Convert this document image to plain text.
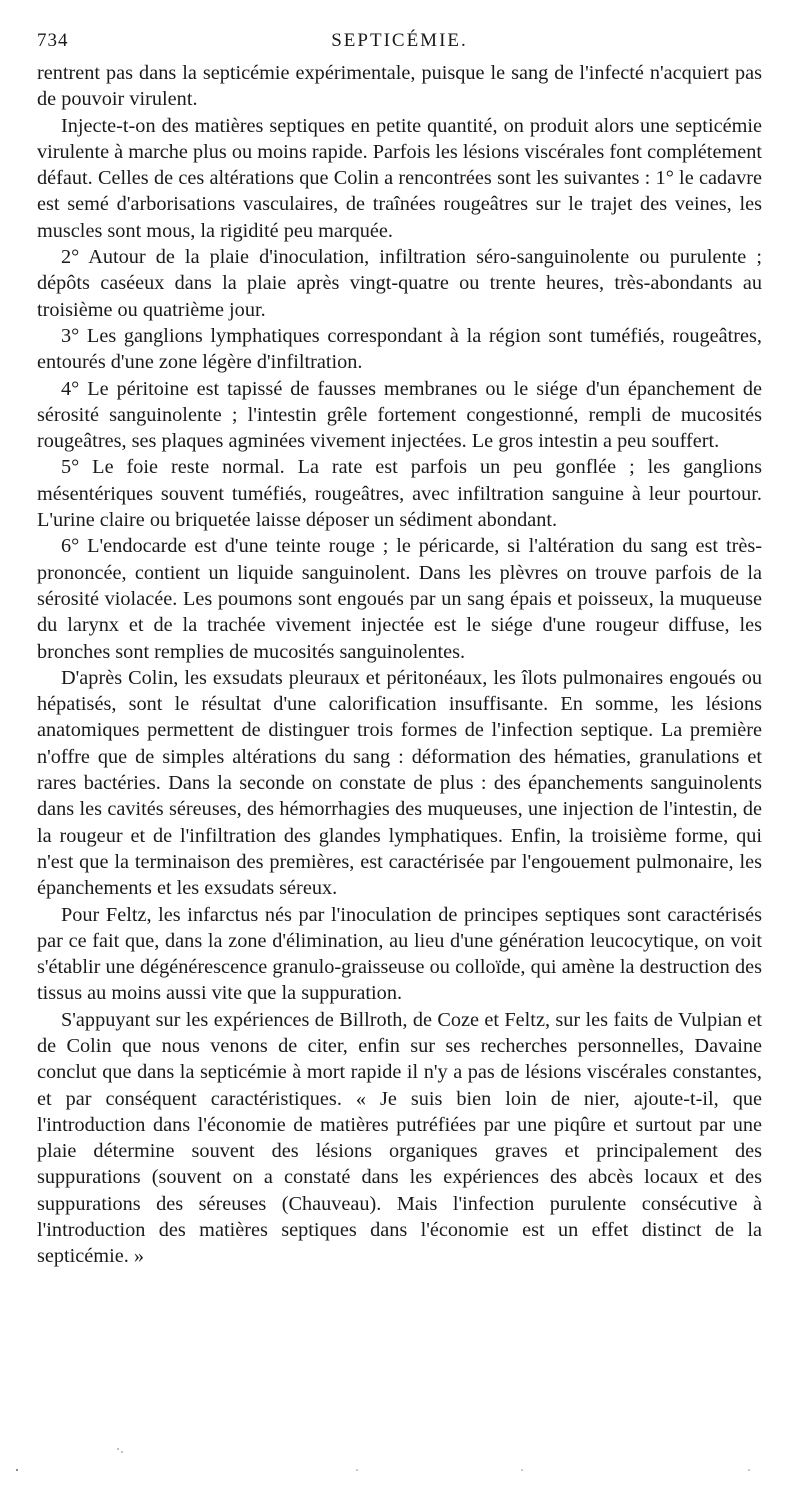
734	SEPTICÉMIE.

rentrent pas dans la septicémie expérimentale, puisque le sang de l'infecté n'acquiert pas de pouvoir virulent.

Injecte-t-on des matières septiques en petite quantité, on produit alors une septicémie virulente à marche plus ou moins rapide. Parfois les lésions viscérales font complétement défaut. Celles de ces altérations que Colin a rencontrées sont les suivantes : 1° le cadavre est semé d'arborisations vasculaires, de traînées rougeâtres sur le trajet des veines, les muscles sont mous, la rigidité peu marquée.

2° Autour de la plaie d'inoculation, infiltration séro-sanguinolente ou purulente ; dépôts caséeux dans la plaie après vingt-quatre ou trente heures, très-abondants au troisième ou quatrième jour.

3° Les ganglions lymphatiques correspondant à la région sont tuméfiés, rougeâtres, entourés d'une zone légère d'infiltration.

4° Le péritoine est tapissé de fausses membranes ou le siége d'un épanchement de sérosité sanguinolente ; l'intestin grêle fortement congestionné, rempli de mucosités rougeâtres, ses plaques agminées vivement injectées. Le gros intestin a peu souffert.

5° Le foie reste normal. La rate est parfois un peu gonflée ; les ganglions mésentériques souvent tuméfiés, rougeâtres, avec infiltration sanguine à leur pourtour. L'urine claire ou briquetée laisse déposer un sédiment abondant.

6° L'endocarde est d'une teinte rouge ; le péricarde, si l'altération du sang est très-prononcée, contient un liquide sanguinolent. Dans les plèvres on trouve parfois de la sérosité violacée. Les poumons sont engoués par un sang épais et poisseux, la muqueuse du larynx et de la trachée vivement injectée est le siége d'une rougeur diffuse, les bronches sont remplies de mucosités sanguinolentes.

D'après Colin, les exsudats pleuraux et péritonéaux, les îlots pulmonaires engoués ou hépatisés, sont le résultat d'une calorification insuffisante. En somme, les lésions anatomiques permettent de distinguer trois formes de l'infection septique. La première n'offre que de simples altérations du sang : déformation des hématies, granulations et rares bactéries. Dans la seconde on constate de plus : des épanchements sanguinolents dans les cavités séreuses, des hémorrhagies des muqueuses, une injection de l'intestin, de la rougeur et de l'infiltration des glandes lymphatiques. Enfin, la troisième forme, qui n'est que la terminaison des premières, est caractérisée par l'engouement pulmonaire, les épanchements et les exsudats séreux.

Pour Feltz, les infarctus nés par l'inoculation de principes septiques sont caractérisés par ce fait que, dans la zone d'élimination, au lieu d'une génération leucocytique, on voit s'établir une dégénérescence granulo-graisseuse ou colloïde, qui amène la destruction des tissus au moins aussi vite que la suppuration.

S'appuyant sur les expériences de Billroth, de Coze et Feltz, sur les faits de Vulpian et de Colin que nous venons de citer, enfin sur ses recherches personnelles, Davaine conclut que dans la septicémie à mort rapide il n'y a pas de lésions viscérales constantes, et par conséquent caractéristiques. « Je suis bien loin de nier, ajoute-t-il, que l'introduction dans l'économie de matières putréfiées par une piqûre et surtout par une plaie détermine souvent des lésions organiques graves et principalement des suppurations (souvent on a constaté dans les expériences des abcès locaux et des suppurations des séreuses (Chauveau). Mais l'infection purulente consécutive à l'introduction des matières septiques dans l'économie est un effet distinct de la septicémie. »
